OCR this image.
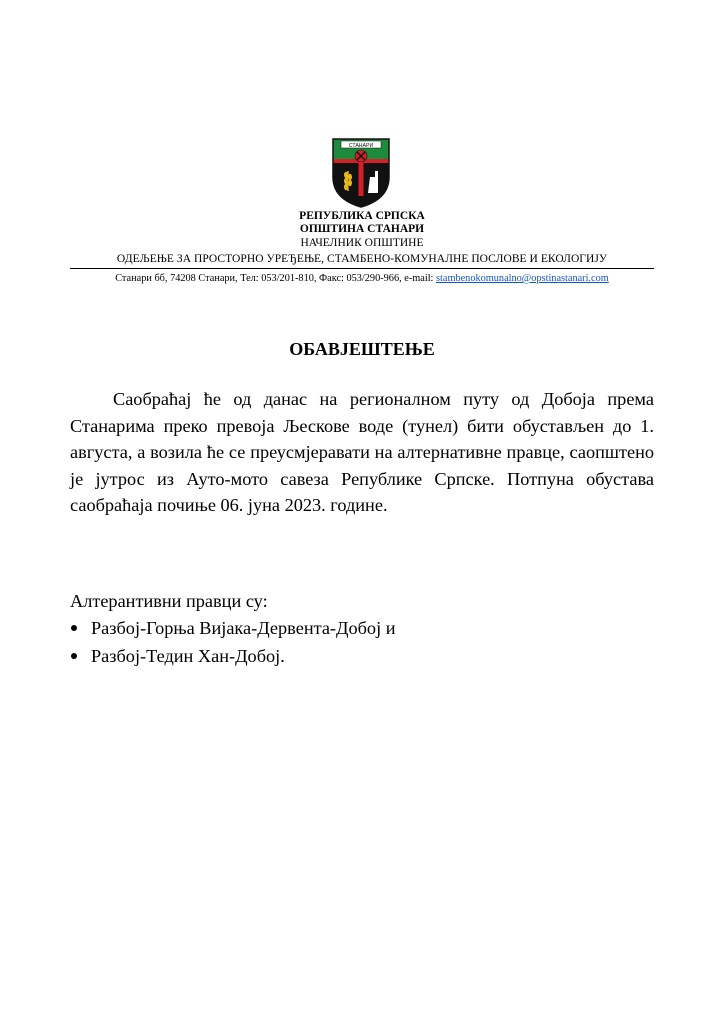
СТАНАРИ
РЕПУБЛИКА СРПСКА
ОПШТИНА СТАНАРИ
НАЧЕЛНИК ОПШТИНЕ
ОДЕЉЕЊЕ ЗА ПРОСТОРНО УРЕЂЕЊЕ, СТАМБЕНО-КОМУНАЛНЕ ПОСЛОВЕ И ЕКОЛОГИЈУ
Станари бб, 74208 Станари, Тел: 053/201-810, Факс: 053/290-966, e-mail: stambenokomunalno@opstinastanari.com
ОБАВЈЕШТЕЊЕ
Саобраћај ће од данас на регионалном путу од Добоја према Станарима преко превоја Љескове воде (тунел) бити обустављен до 1. августа, а возила ће се преусмјеравати на алтернативне правце, саопштено је јутрос из Ауто-мото савеза Републике Српске. Потпуна обустава саобраћаја почиње 06. јуна 2023. године.
Алтерантивни правци су:
Разбој-Горња Вијака-Дервента-Добој и
Разбој-Тедин Хан-Добој.
